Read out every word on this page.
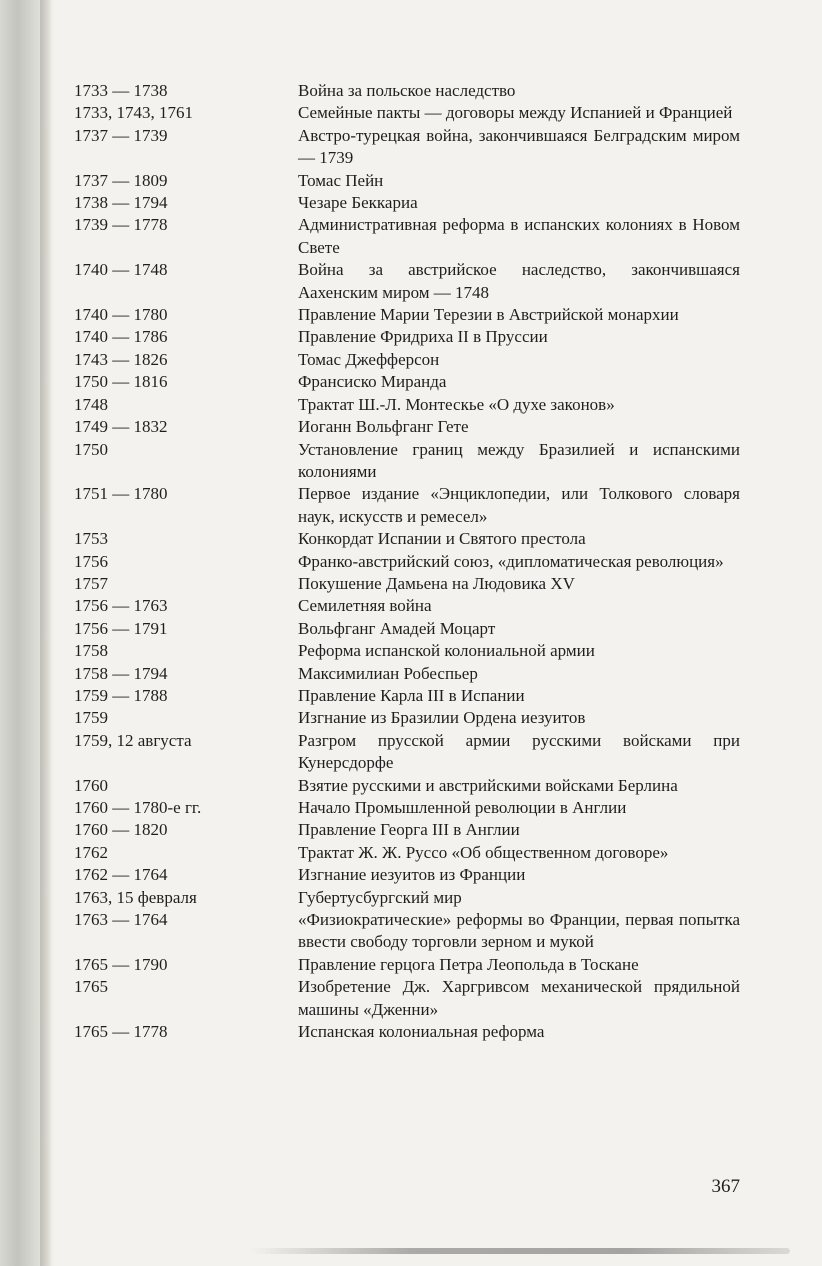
1733 — 1738	Война за польское наследство
1733, 1743, 1761	Семейные пакты — договоры между Испанией и Францией
1737 — 1739	Австро-турецкая война, закончившаяся Белградским миром — 1739
1737 — 1809	Томас Пейн
1738 — 1794	Чезаре Беккариа
1739 — 1778	Административная реформа в испанских колониях в Новом Свете
1740 — 1748	Война за австрийское наследство, закончившаяся Аахенским миром — 1748
1740 — 1780	Правление Марии Терезии в Австрийской монархии
1740 — 1786	Правление Фридриха II в Пруссии
1743 — 1826	Томас Джефферсон
1750 — 1816	Франсиско Миранда
1748	Трактат Ш.-Л. Монтескье «О духе законов»
1749 — 1832	Иоганн Вольфганг Гете
1750	Установление границ между Бразилией и испанскими колониями
1751 — 1780	Первое издание «Энциклопедии, или Толкового словаря наук, искусств и ремесел»
1753	Конкордат Испании и Святого престола
1756	Франко-австрийский союз, «дипломатическая революция»
1757	Покушение Дамьена на Людовика XV
1756 — 1763	Семилетняя война
1756 — 1791	Вольфганг Амадей Моцарт
1758	Реформа испанской колониальной армии
1758 — 1794	Максимилиан Робеспьер
1759 — 1788	Правление Карла III в Испании
1759	Изгнание из Бразилии Ордена иезуитов
1759, 12 августа	Разгром прусской армии русскими войсками при Кунерсдорфе
1760	Взятие русскими и австрийскими войсками Берлина
1760 — 1780-е гг.	Начало Промышленной революции в Англии
1760 — 1820	Правление Георга III в Англии
1762	Трактат Ж. Ж. Руссо «Об общественном договоре»
1762 — 1764	Изгнание иезуитов из Франции
1763, 15 февраля	Губертусбургский мир
1763 — 1764	«Физиократические» реформы во Франции, первая попытка ввести свободу торговли зерном и мукой
1765 — 1790	Правление герцога Петра Леопольда в Тоскане
1765	Изобретение Дж. Харгривсом механической прядильной машины «Дженни»
1765 — 1778	Испанская колониальная реформа
367
